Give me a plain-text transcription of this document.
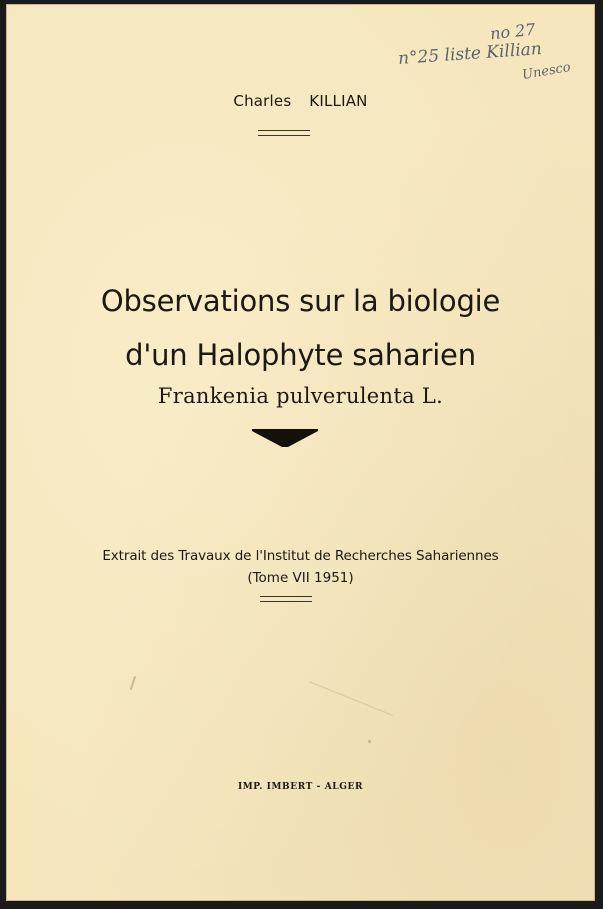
no 27
n°25 liste Killian
Unesco
Charles  KILLIAN
Observations sur la biologie
d'un Halophyte saharien
Frankenia pulverulenta L.
Extrait des Travaux de l'Institut de Recherches Sahariennes
(Tome VII 1951)
IMP. IMBERT - ALGER
